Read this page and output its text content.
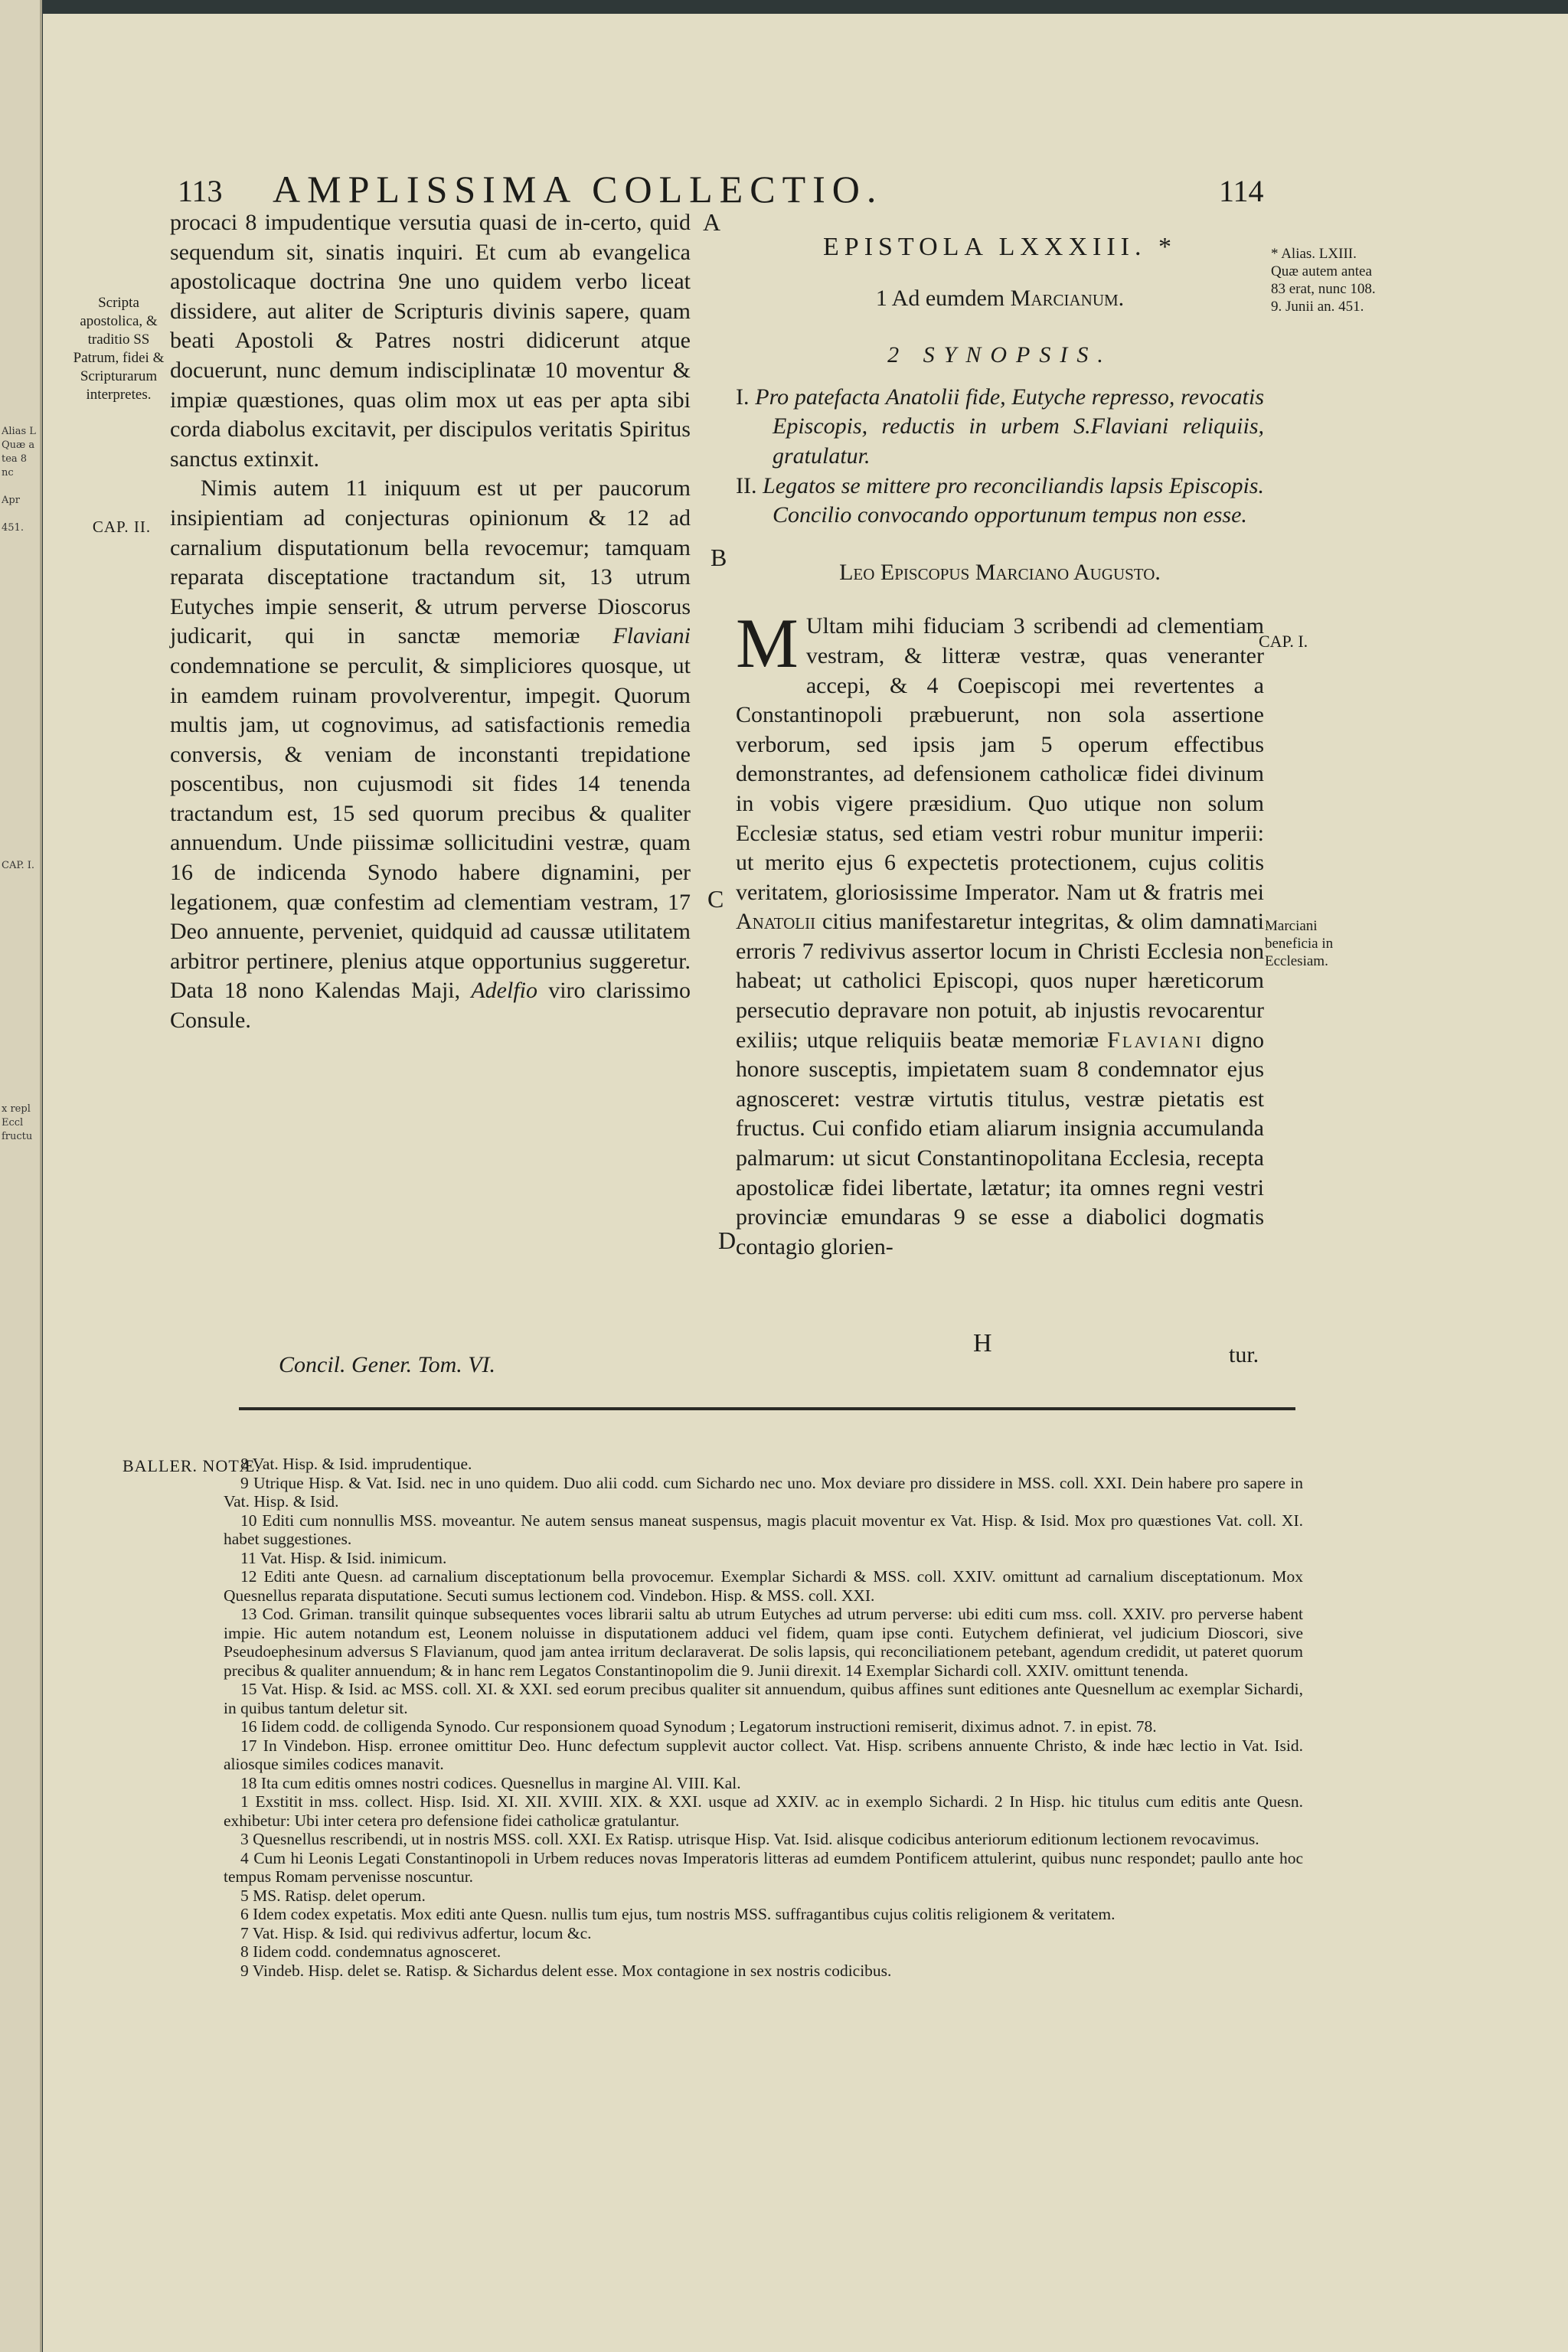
Alias L
Quæ a
tea 8
nc
Apr
451.
CAP. I.
x repl
Eccl
fructu
113 AMPLISSIMA COLLECTIO.	114
Scripta apostolica, & traditio SS Patrum, fidei & Scripturarum interpretes.
CAP. II.

procaci 8 impudentique versutia quasi de in-certo, quid sequendum sit, sinatis inquiri. Et cum ab evangelica apostolicaque doctrina 9ne uno quidem verbo liceat dissidere, aut aliter de Scripturis divinis sapere, quam beati Apostoli & Patres nostri didicerunt atque docuerunt, nunc demum indisciplinatæ 10 moventur & impiæ quæstiones, quas olim mox ut eas per apta sibi corda diabolus excitavit, per discipulos veritatis Spiritus sanctus extinxit.

Nimis autem 11 iniquum est ut per paucorum insipientiam ad conjecturas opinionum & 12 ad carnalium disputationum bella revocemur; tamquam reparata disceptatione tractandum sit, 13 utrum Eutyches impie senserit, & utrum perverse Dioscorus judicarit, qui in sanctæ memoriæ Flaviani condemnatione se perculit, & simpliciores quosque, ut in eamdem ruinam provolverentur, impegit. Quorum multis jam, ut cognovimus, ad satisfactionis remedia conversis, & veniam de inconstanti trepidatione poscentibus, non cujusmodi sit fides 14 tenenda tractandum est, 15 sed quorum precibus & qualiter annuendum. Unde piissimæ sollicitudini vestræ, quam 16 de indicenda Synodo habere dignamini, per legationem, quæ confestim ad clementiam vestram, 17 Deo annuente, perveniet, quidquid ad caussæ utilitatem arbitror pertinere, plenius atque opportunius suggeretur. Data 18 nono Kalendas Maji, Adelfio viro clarissimo Consule.

A
B
C
D
EPISTOLA LXXXIII. *
1 Ad eumdem Marcianum.
2 SYNOPSIS.

I. Pro patefacta Anatolii fide, Eutyche represso, revocatis Episcopis, reductis in urbem S.Flaviani reliquiis, gratulatur.

II. Legatos se mittere pro reconciliandis lapsis Episcopis. Concilio convocando opportunum tempus non esse.

Leo Episcopus Marciano Augusto.

M Ultam mihi fiduciam 3 scribendi ad clementiam vestram, & litteræ vestræ, quas veneranter accepi, & 4 Coepiscopi mei revertentes a Constantinopoli præbuerunt, non sola assertione verborum, sed ipsis jam 5 operum effectibus demonstrantes, ad defensionem catholicæ fidei divinum in vobis vigere præsidium. Quo utique non solum Ecclesiæ status, sed etiam vestri robur munitur imperii: ut merito ejus 6 expectetis protectionem, cujus colitis veritatem, gloriosissime Imperator. Nam ut & fratris mei Anatolii citius manifestaretur integritas, & olim damnati erroris 7 redivivus assertor locum in Christi Ecclesia non habeat; ut catholici Episcopi, quos nuper hæreticorum persecutio depravare non potuit, ab injustis revocarentur exiliis; utque reliquiis beatæ memoriæ Flaviani digno honore susceptis, impietatem suam 8 condemnator ejus agnosceret: vestræ virtutis titulus, vestræ pietatis est fructus. Cui confido etiam aliarum insignia accumulanda palmarum: ut sicut Constantinopolitana Ecclesia, recepta apostolicæ fidei libertate, lætatur; ita omnes regni vestri provinciæ emundaras 9 se esse a diabolici dogmatis contagio glorien-

* Alias. LXIII. Quæ autem antea 83 erat, nunc 108. 9. Junii an. 451.
CAP. I.
Marciani beneficia in Ecclesiam.
Concil. Gener. Tom. VI.
H	tur.
BALLER. NOTÆ.

8 Vat. Hisp. & Isid. imprudentique.

9 Utrique Hisp. & Vat. Isid. nec in uno quidem. Duo alii codd. cum Sichardo nec uno. Mox deviare pro dissidere in MSS. coll. XXI. Dein habere pro sapere in Vat. Hisp. & Isid.

10 Editi cum nonnullis MSS. moveantur. Ne autem sensus maneat suspensus, magis placuit moventur ex Vat. Hisp. & Isid. Mox pro quæstiones Vat. coll. XI. habet suggestiones.

11 Vat. Hisp. & Isid. inimicum.

12 Editi ante Quesn. ad carnalium disceptationum bella provocemur. Exemplar Sichardi & MSS. coll. XXIV. omittunt ad carnalium disceptationum. Mox Quesnellus reparata disputatione. Secuti sumus lectionem cod. Vindebon. Hisp. & MSS. coll. XXI.

13 Cod. Griman. transilit quinque subsequentes voces librarii saltu ab utrum Eutyches ad utrum perverse: ubi editi cum mss. coll. XXIV. pro perverse habent impie. Hic autem notandum est, Leonem noluisse in disputationem adduci vel fidem, quam ipse conti. Eutychem definierat, vel judicium Dioscori, sive Pseudoephesinum adversus S Flavianum, quod jam antea irritum declaraverat. De solis lapsis, qui reconciliationem petebant, agendum credidit, ut pateret quorum precibus & qualiter annuendum; & in hanc rem Legatos Constantinopolim die 9. Junii direxit. 14 Exemplar Sichardi coll. XXIV. omittunt tenenda.

15 Vat. Hisp. & Isid. ac MSS. coll. XI. & XXI. sed eorum precibus qualiter sit annuendum, quibus affines sunt editiones ante Quesnellum ac exemplar Sichardi, in quibus tantum deletur sit.

16 Iidem codd. de colligenda Synodo. Cur responsionem quoad Synodum ; Legatorum instructioni remiserit, diximus adnot. 7. in epist. 78.

17 In Vindebon. Hisp. erronee omittitur Deo. Hunc defectum supplevit auctor collect. Vat. Hisp. scribens annuente Christo, & inde hæc lectio in Vat. Isid. aliosque similes codices manavit.

18 Ita cum editis omnes nostri codices. Quesnellus in margine Al. VIII. Kal.

1 Exstitit in mss. collect. Hisp. Isid. XI. XII. XVIII. XIX. & XXI. usque ad XXIV. ac in exemplo Sichardi. 2 In Hisp. hic titulus cum editis ante Quesn. exhibetur: Ubi inter cetera pro defensione fidei catholicæ gratulantur.

3 Quesnellus rescribendi, ut in nostris MSS. coll. XXI. Ex Ratisp. utrisque Hisp. Vat. Isid. alisque codicibus anteriorum editionum lectionem revocavimus.

4 Cum hi Leonis Legati Constantinopoli in Urbem reduces novas Imperatoris litteras ad eumdem Pontificem attulerint, quibus nunc respondet; paullo ante hoc tempus Romam pervenisse noscuntur.

5 MS. Ratisp. delet operum.

6 Idem codex expetatis. Mox editi ante Quesn. nullis tum ejus, tum nostris MSS. suffragantibus cujus colitis religionem & veritatem.

7 Vat. Hisp. & Isid. qui redivivus adfertur, locum &c.

8 Iidem codd. condemnatus agnosceret.

9 Vindeb. Hisp. delet se. Ratisp. & Sichardus delent esse. Mox contagione in sex nostris codicibus.
